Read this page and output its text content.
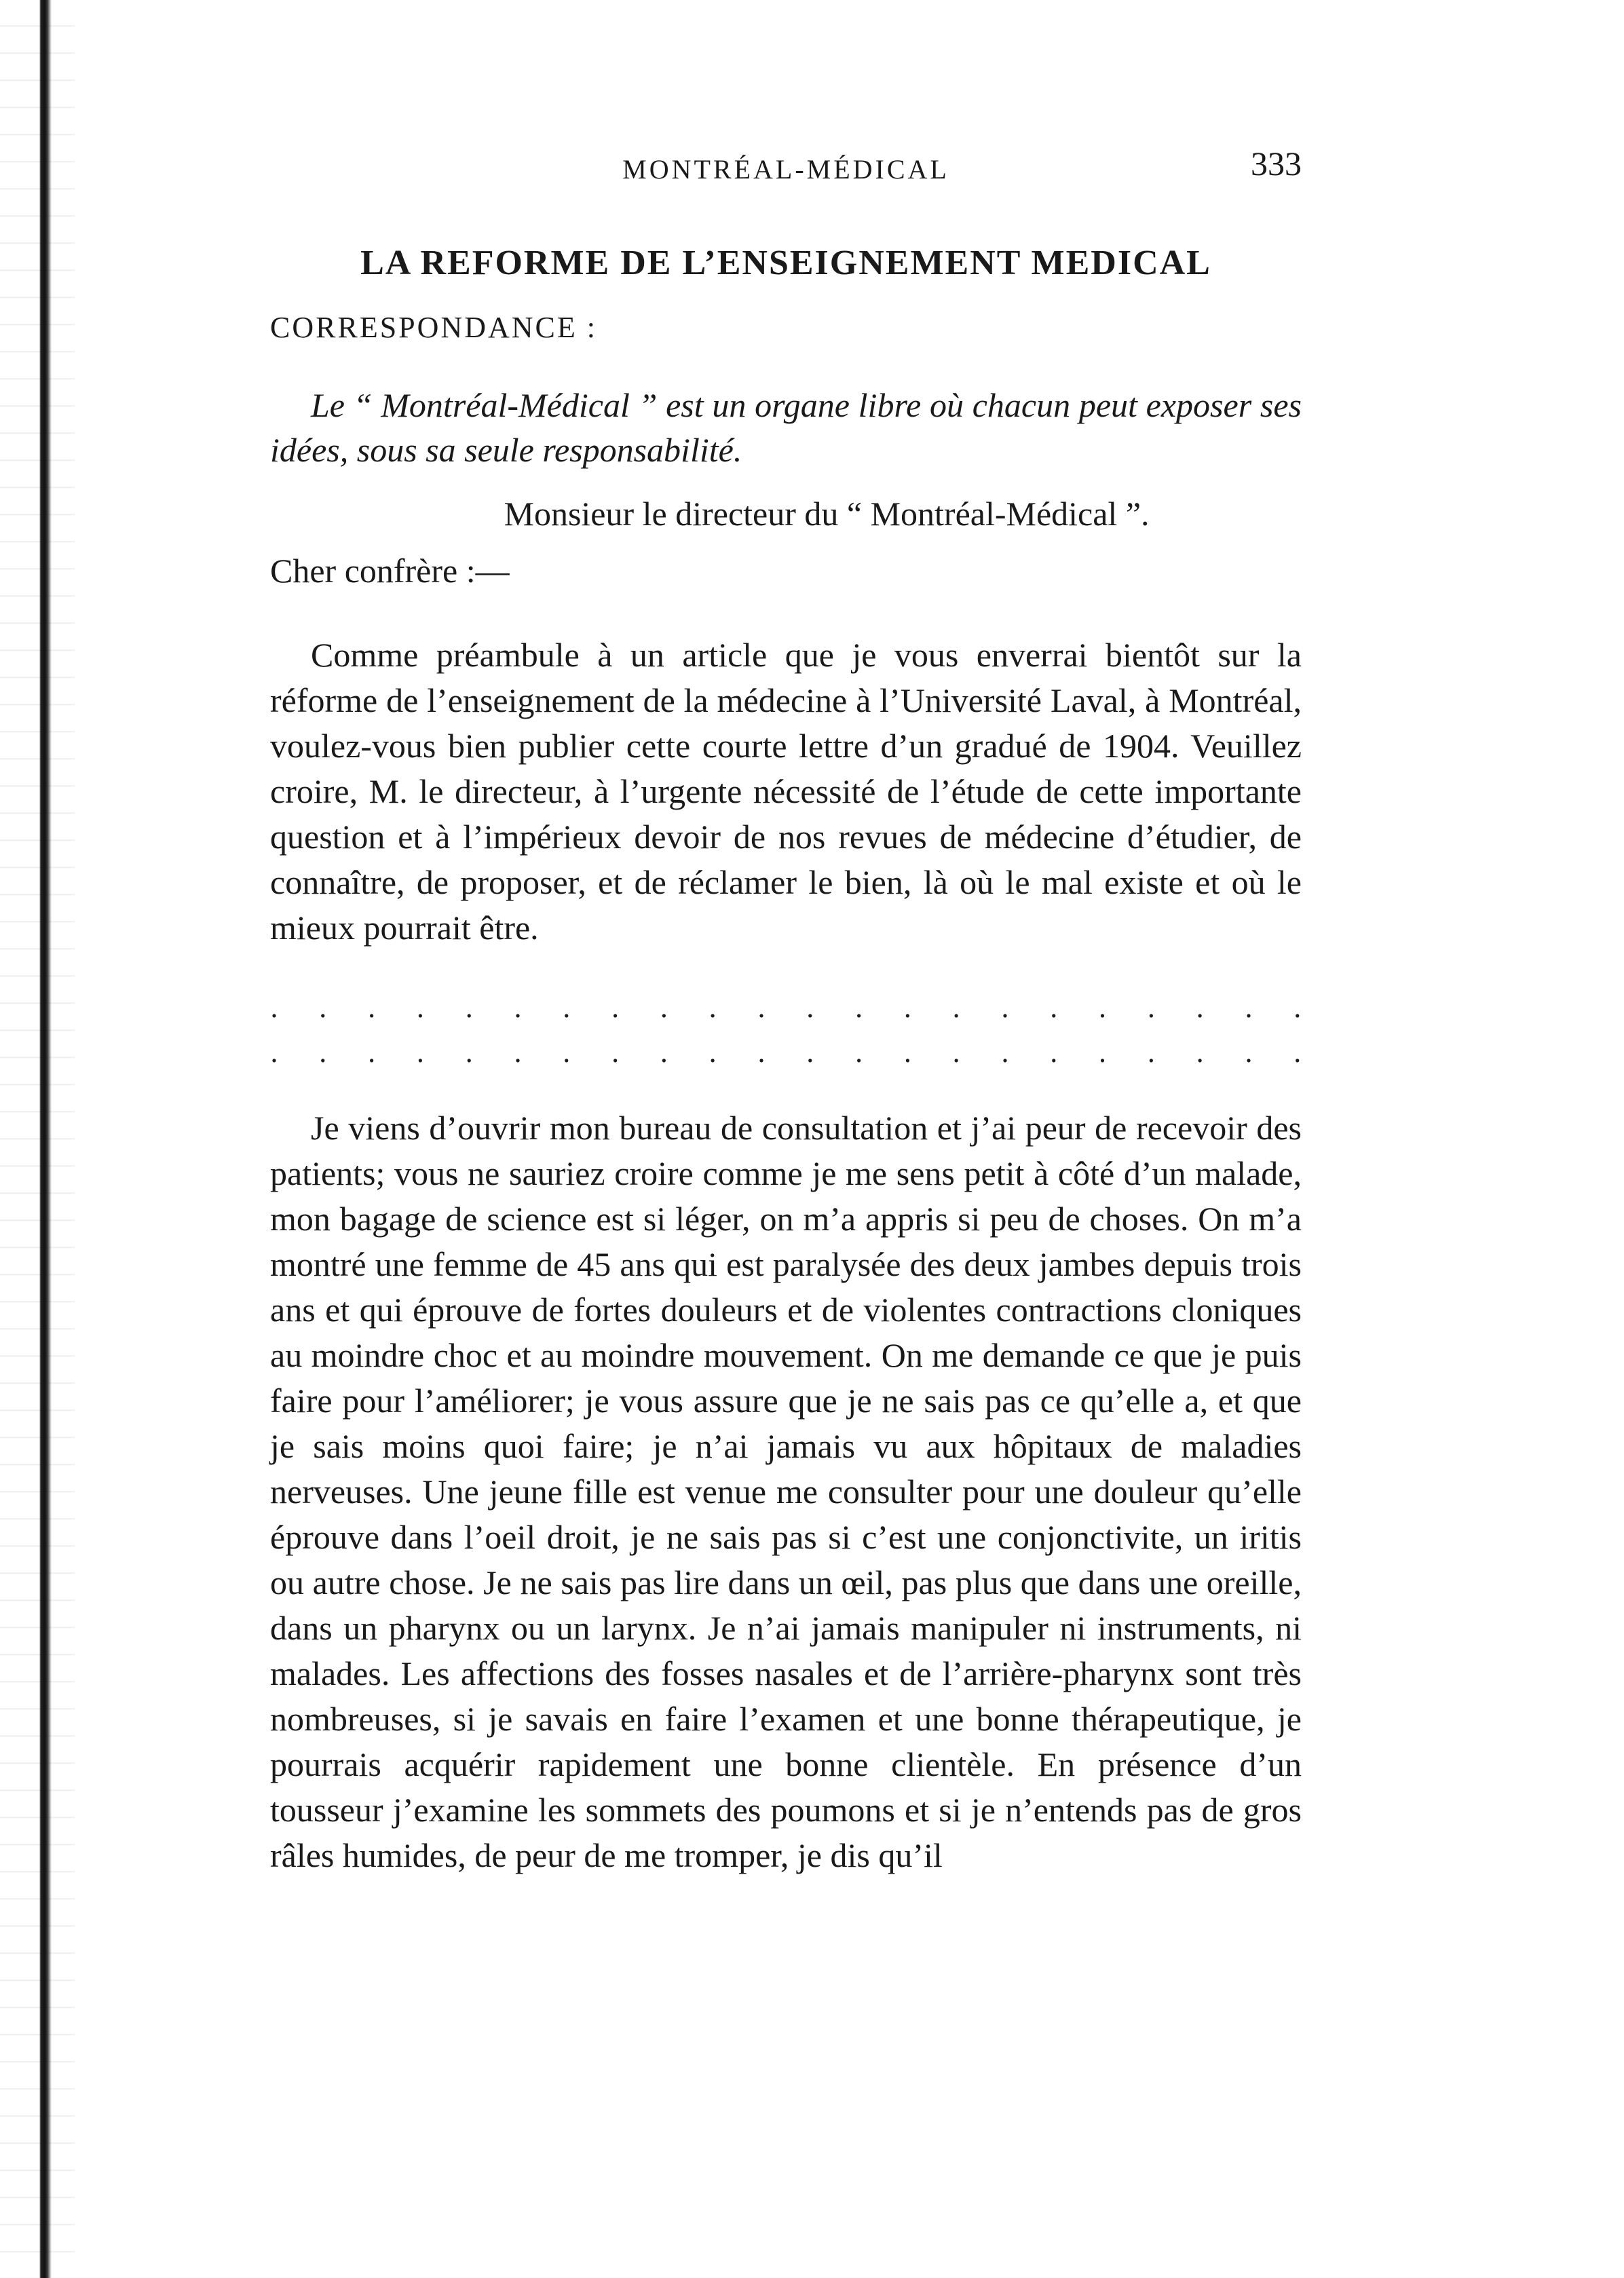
MONTRÉAL-MÉDICAL	333
LA REFORME DE L’ENSEIGNEMENT MEDICAL
CORRESPONDANCE :
Le “ Montréal-Médical ” est un organe libre où chacun peut exposer ses idées, sous sa seule responsabilité.
Monsieur le directeur du “ Montréal-Médical ”.
Cher confrère :—

Comme préambule à un article que je vous enverrai bientôt sur la réforme de l’enseignement de la médecine à l’Université Laval, à Montréal, voulez-vous bien publier cette courte lettre d’un gradué de 1904. Veuillez croire, M. le directeur, à l’urgente nécessité de l’étude de cette importante question et à l’impérieux devoir de nos revues de médecine d’étudier, de connaître, de proposer, et de réclamer le bien, là où le mal existe et où le mieux pourrait être.

. . . . . . . . . . . . . . . . . . . . . .
. . . . . . . . . . . . . . . . . . . . . .

Je viens d’ouvrir mon bureau de consultation et j’ai peur de recevoir des patients; vous ne sauriez croire comme je me sens petit à côté d’un malade, mon bagage de science est si léger, on m’a appris si peu de choses. On m’a montré une femme de 45 ans qui est paralysée des deux jambes depuis trois ans et qui éprouve de fortes douleurs et de violentes contractions cloniques au moindre choc et au moindre mouvement. On me demande ce que je puis faire pour l’améliorer; je vous assure que je ne sais pas ce qu’elle a, et que je sais moins quoi faire; je n’ai jamais vu aux hôpitaux de maladies nerveuses. Une jeune fille est venue me consulter pour une douleur qu’elle éprouve dans l’oeil droit, je ne sais pas si c’est une conjonctivite, un iritis ou autre chose. Je ne sais pas lire dans un œil, pas plus que dans une oreille, dans un pharynx ou un larynx. Je n’ai jamais manipuler ni instruments, ni malades. Les affections des fosses nasales et de l’arrière-pharynx sont très nombreuses, si je savais en faire l’examen et une bonne thérapeutique, je pourrais acquérir rapidement une bonne clientèle. En présence d’un tousseur j’examine les sommets des poumons et si je n’entends pas de gros râles humides, de peur de me tromper, je dis qu’il
